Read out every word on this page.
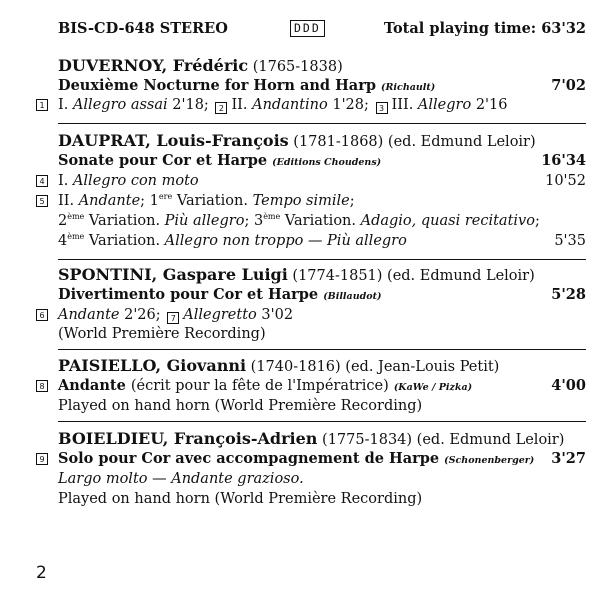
BIS-CD-648 STEREO	DDD	Total playing time: 63'32
DUVERNOY, Frédéric (1765-1838)
Deuxième Nocturne for Horn and Harp (Richault)	7'02
1 I. Allegro assai 2'18; 2 II. Andantino 1'28; 3 III. Allegro 2'16
DAUPRAT, Louis-François (1781-1868) (ed. Edmund Leloir)
Sonate pour Cor et Harpe (Editions Choudens)	16'34
4 I. Allegro con moto	10'52
5 II. Andante; 1ere Variation. Tempo simile;
2ème Variation. Più allegro; 3ème Variation. Adagio, quasi recitativo;
4ème Variation. Allegro non troppo — Più allegro	5'35
SPONTINI, Gaspare Luigi (1774-1851) (ed. Edmund Leloir)
Divertimento pour Cor et Harpe (Billaudot)	5'28
6 Andante 2'26; 7 Allegretto 3'02
(World Première Recording)
PAISIELLO, Giovanni (1740-1816) (ed. Jean-Louis Petit)
8 Andante (écrit pour la fête de l'Impératrice) (KaWe / Pizka)	4'00
Played on hand horn (World Première Recording)
BOIELDIEU, François-Adrien (1775-1834) (ed. Edmund Leloir)
9 Solo pour Cor avec accompagnement de Harpe (Schonenberger) 3'27
Largo molto — Andante grazioso.
Played on hand horn (World Première Recording)
2
